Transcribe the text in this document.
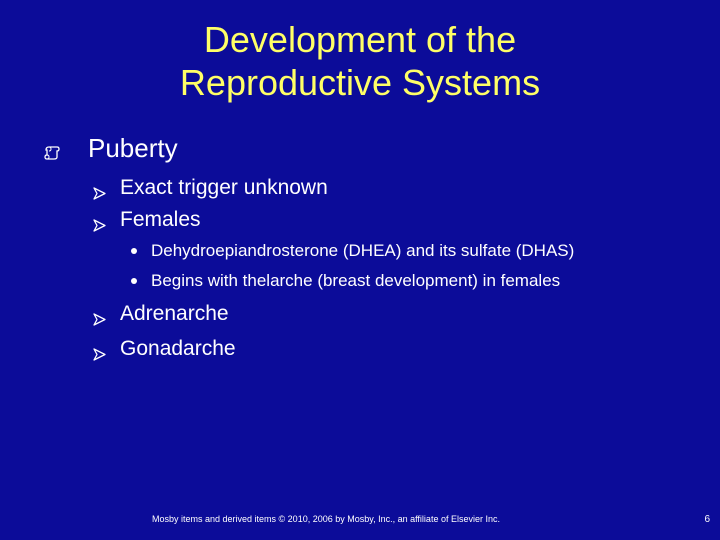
Development of the
Reproductive Systems
Puberty
Exact trigger unknown
Females
Dehydroepiandrosterone (DHEA) and its sulfate (DHAS)
Begins with thelarche (breast development) in females
Adrenarche
Gonadarche
Mosby items and derived items © 2010, 2006 by Mosby, Inc., an affiliate of Elsevier Inc.	6
